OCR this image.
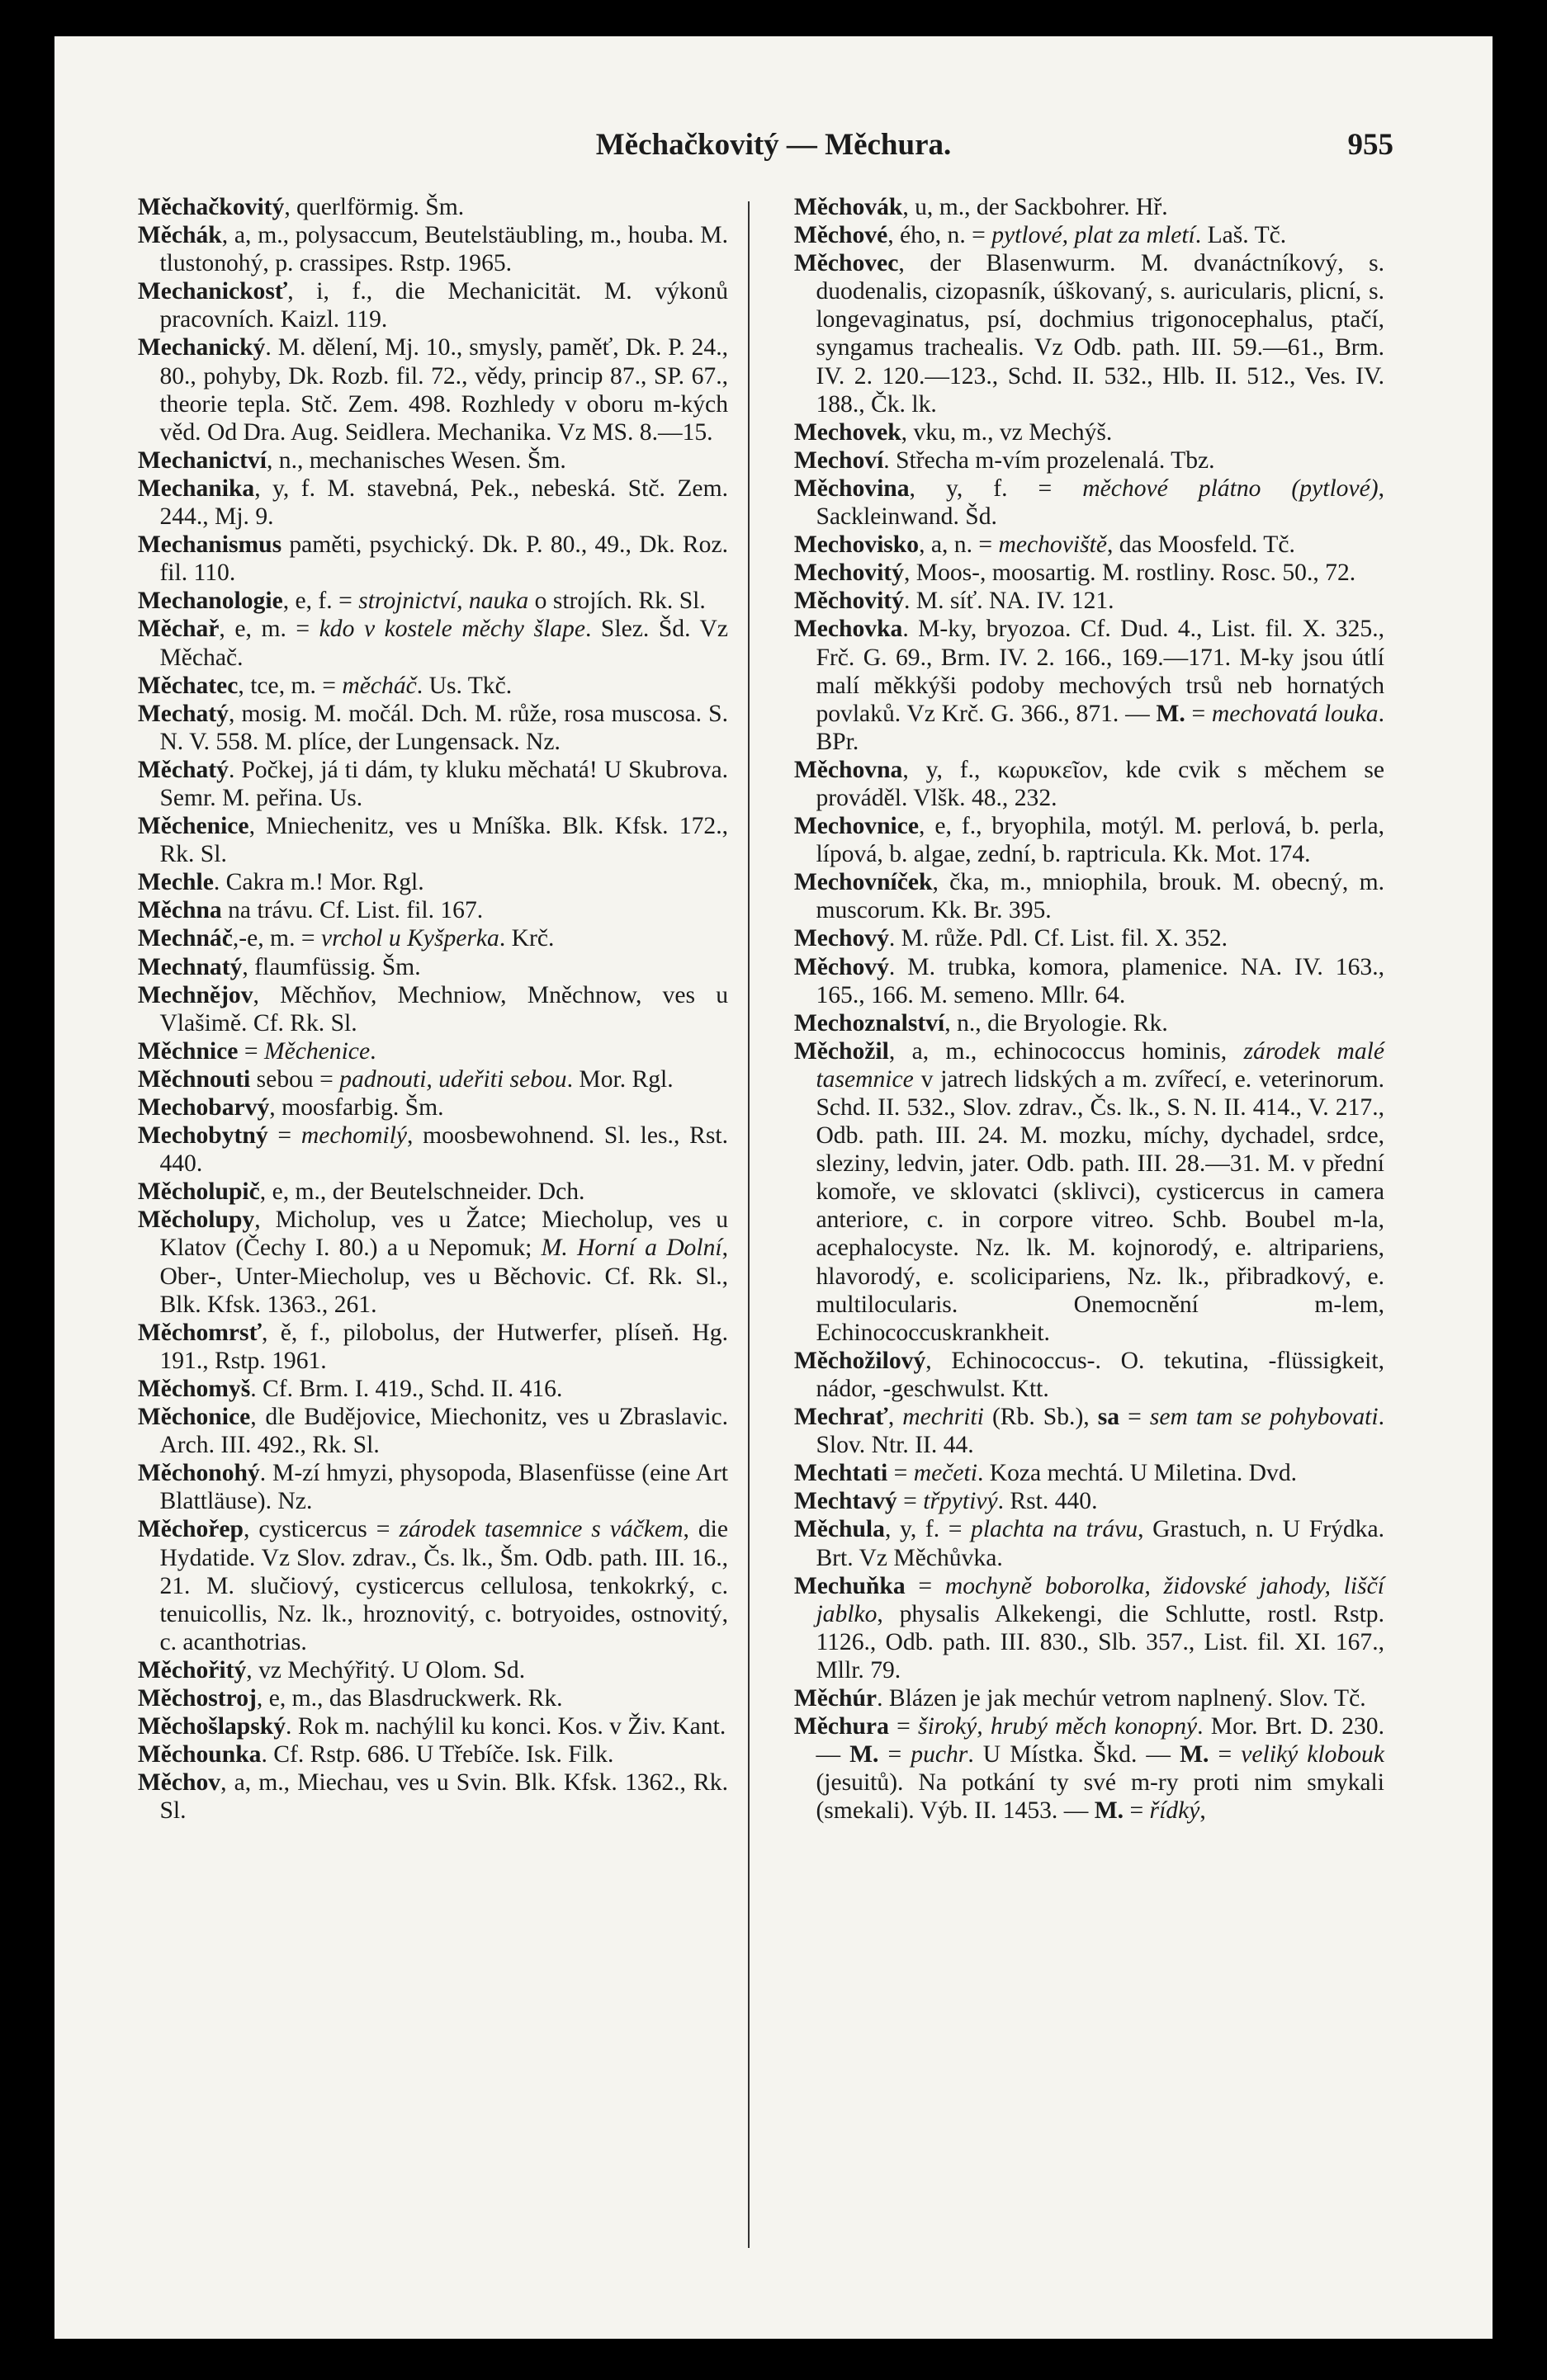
Měchačkovitý — Měchura.	955

Měchačkovitý, querlförmig. Šm.

Měchák, a, m., polysaccum, Beutelstäubling, m., houba. M. tlustonohý, p. crassipes. Rstp. 1965.

Mechanickosť, i, f., die Mechanicität. M. výkonů pracovních. Kaizl. 119.

Mechanický. M. dělení, Mj. 10., smysly, paměť, Dk. P. 24., 80., pohyby, Dk. Rozb. fil. 72., vědy, princip 87., SP. 67., theorie tepla. Stč. Zem. 498. Rozhledy v oboru m-kých věd. Od Dra. Aug. Seidlera. Mechanika. Vz MS. 8.—15.

Mechanictví, n., mechanisches Wesen. Šm.

Mechanika, y, f. M. stavebná, Pek., nebeská. Stč. Zem. 244., Mj. 9.

Mechanismus paměti, psychický. Dk. P. 80., 49., Dk. Roz. fil. 110.

Mechanologie, e, f. = strojnictví, nauka o strojích. Rk. Sl.

Měchař, e, m. = kdo v kostele měchy šlape. Slez. Šd. Vz Měchač.

Měchatec, tce, m. = měcháč. Us. Tkč.

Mechatý, mosig. M. močál. Dch. M. růže, rosa muscosa. S. N. V. 558. M. plíce, der Lungensack. Nz.

Měchatý. Počkej, já ti dám, ty kluku měchatá! U Skubrova. Semr. M. peřina. Us.

Měchenice, Mniechenitz, ves u Mníška. Blk. Kfsk. 172., Rk. Sl.

Mechle. Cakra m.! Mor. Rgl.

Měchna na trávu. Cf. List. fil. 167.

Mechnáč,-e, m. = vrchol u Kyšperka. Krč.

Mechnatý, flaumfüssig. Šm.

Mechnějov, Měchňov, Mechniow, Mněchnow, ves u Vlašimě. Cf. Rk. Sl.

Měchnice = Měchenice.

Měchnouti sebou = padnouti, udeřiti sebou. Mor. Rgl.

Mechobarvý, moosfarbig. Šm.

Mechobytný = mechomilý, moosbewohnend. Sl. les., Rst. 440.

Měcholupič, e, m., der Beutelschneider. Dch.

Měcholupy, Micholup, ves u Žatce; Miecholup, ves u Klatov (Čechy I. 80.) a u Nepomuk; M. Horní a Dolní, Ober-, Unter-Miecholup, ves u Běchovic. Cf. Rk. Sl., Blk. Kfsk. 1363., 261.

Měchomrsť, ě, f., pilobolus, der Hutwerfer, plíseň. Hg. 191., Rstp. 1961.

Měchomyš. Cf. Brm. I. 419., Schd. II. 416.

Měchonice, dle Budějovice, Miechonitz, ves u Zbraslavic. Arch. III. 492., Rk. Sl.

Měchonohý. M-zí hmyzi, physopoda, Blasenfüsse (eine Art Blattläuse). Nz.

Měchořep, cysticercus = zárodek tasemnice s váčkem, die Hydatide. Vz Slov. zdrav., Čs. lk., Šm. Odb. path. III. 16., 21. M. slučiový, cysticercus cellulosa, tenkokrký, c. tenuicollis, Nz. lk., hroznovitý, c. botryoides, ostnovitý, c. acanthotrias.

Měchořitý, vz Mechýřitý. U Olom. Sd.

Měchostroj, e, m., das Blasdruckwerk. Rk.

Měchošlapský. Rok m. nachýlil ku konci. Kos. v Živ. Kant.

Měchounka. Cf. Rstp. 686. U Třebíče. Isk. Filk.

Měchov, a, m., Miechau, ves u Svin. Blk. Kfsk. 1362., Rk. Sl.

Měchovák, u, m., der Sackbohrer. Hř.

Měchové, ého, n. = pytlové, plat za mletí. Laš. Tč.

Měchovec, der Blasenwurm. M. dvanáctníkový, s. duodenalis, cizopasník, úškovaný, s. auricularis, plicní, s. longevaginatus, psí, dochmius trigonocephalus, ptačí, syngamus trachealis. Vz Odb. path. III. 59.—61., Brm. IV. 2. 120.—123., Schd. II. 532., Hlb. II. 512., Ves. IV. 188., Čk. lk.

Mechovek, vku, m., vz Mechýš.

Mechoví. Střecha m-vím prozelenalá. Tbz.

Měchovina, y, f. = měchové plátno (pytlové), Sackleinwand. Šd.

Mechovisko, a, n. = mechoviště, das Moosfeld. Tč.

Mechovitý, Moos-, moosartig. M. rostliny. Rosc. 50., 72.

Měchovitý. M. síť. NA. IV. 121.

Mechovka. M-ky, bryozoa. Cf. Dud. 4., List. fil. X. 325., Frč. G. 69., Brm. IV. 2. 166., 169.—171. M-ky jsou útlí malí měkkýši podoby mechových trsů neb hornatých povlaků. Vz Krč. G. 366., 871. — M. = mechovatá louka. BPr.

Měchovna, y, f., κωρυκεῖον, kde cvik s měchem se prováděl. Vlšk. 48., 232.

Mechovnice, e, f., bryophila, motýl. M. perlová, b. perla, lípová, b. algae, zední, b. raptricula. Kk. Mot. 174.

Mechovníček, čka, m., mniophila, brouk. M. obecný, m. muscorum. Kk. Br. 395.

Mechový. M. růže. Pdl. Cf. List. fil. X. 352.

Měchový. M. trubka, komora, plamenice. NA. IV. 163., 165., 166. M. semeno. Mllr. 64.

Mechoznalství, n., die Bryologie. Rk.

Měchožil, a, m., echinococcus hominis, zárodek malé tasemnice v jatrech lidských a m. zvířecí, e. veterinorum. Schd. II. 532., Slov. zdrav., Čs. lk., S. N. II. 414., V. 217., Odb. path. III. 24. M. mozku, míchy, dychadel, srdce, sleziny, ledvin, jater. Odb. path. III. 28.—31. M. v přední komoře, ve sklovatci (sklivci), cysticercus in camera anteriore, c. in corpore vitreo. Schb. Boubel m-la, acephalocyste. Nz. lk. M. kojnorodý, e. altripariens, hlavorodý, e. scolicipariens, Nz. lk., přibradkový, e. multilocularis. Onemocnění m-lem, Echinococcuskrankheit.

Měchožilový, Echinococcus-. O. tekutina, -flüssigkeit, nádor, -geschwulst. Ktt.

Mechrať, mechriti (Rb. Sb.), sa = sem tam se pohybovati. Slov. Ntr. II. 44.

Mechtati = mečeti. Koza mechtá. U Miletina. Dvd.

Mechtavý = třpytivý. Rst. 440.

Měchula, y, f. = plachta na trávu, Grastuch, n. U Frýdka. Brt. Vz Měchůvka.

Mechuňka = mochyně boborolka, židovské jahody, liščí jablko, physalis Alkekengi, die Schlutte, rostl. Rstp. 1126., Odb. path. III. 830., Slb. 357., List. fil. XI. 167., Mllr. 79.

Měchúr. Blázen je jak mechúr vetrom naplnený. Slov. Tč.

Měchura = široký, hrubý měch konopný. Mor. Brt. D. 230. — M. = puchr. U Místka. Škd. — M. = veliký klobouk (jesuitů). Na potkání ty své m-ry proti nim smykali (smekali). Výb. II. 1453. — M. = řídký,
